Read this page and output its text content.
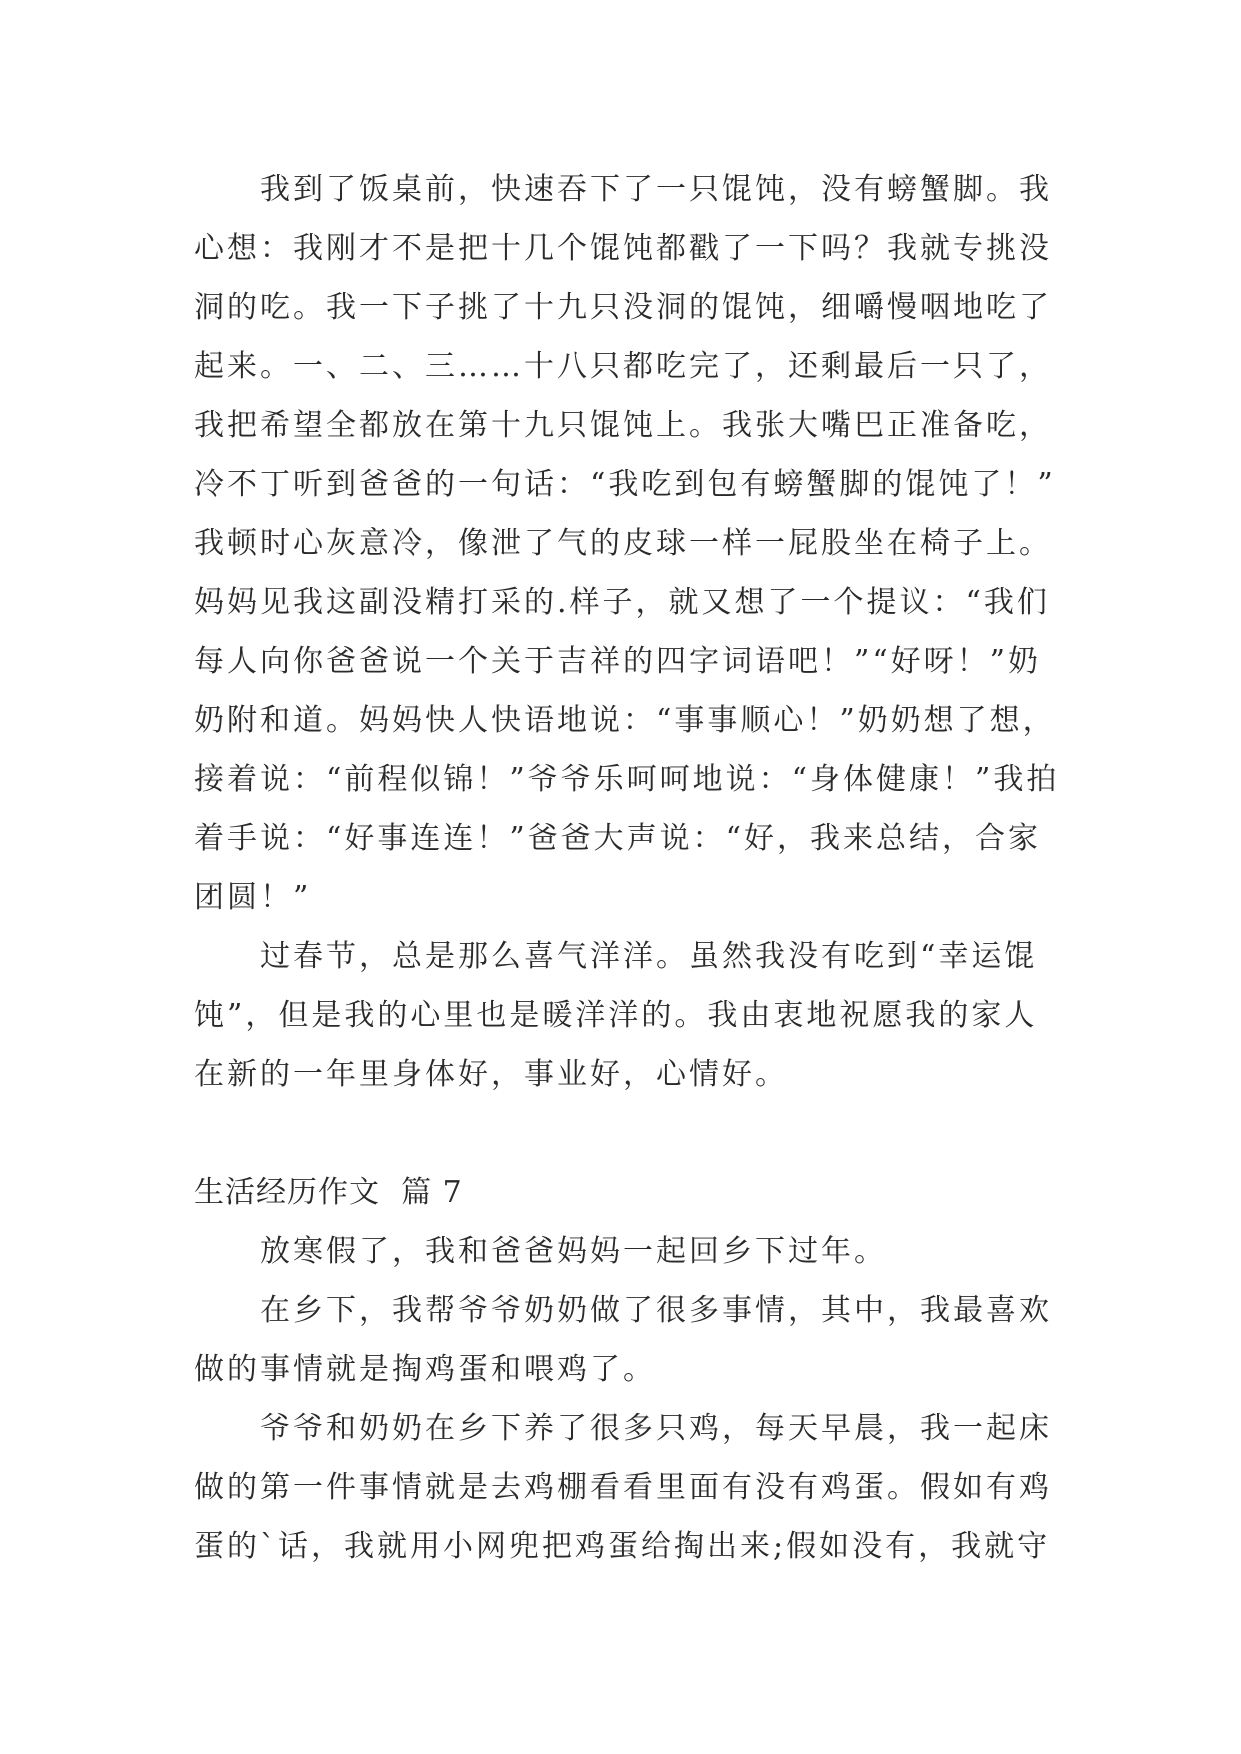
我到了饭桌前，快速吞下了一只馄饨，没有螃蟹脚。我
心想：我刚才不是把十几个馄饨都戳了一下吗？我就专挑没
洞的吃。我一下子挑了十九只没洞的馄饨，细嚼慢咽地吃了
起来。一、二、三……十八只都吃完了，还剩最后一只了，
我把希望全都放在第十九只馄饨上。我张大嘴巴正准备吃，
冷不丁听到爸爸的一句话：“我吃到包有螃蟹脚的馄饨了！”
我顿时心灰意冷，像泄了气的皮球一样一屁股坐在椅子上。
妈妈见我这副没精打采的.样子，就又想了一个提议：“我们
每人向你爸爸说一个关于吉祥的四字词语吧！”“好呀！”奶
奶附和道。妈妈快人快语地说：“事事顺心！”奶奶想了想，
接着说：“前程似锦！”爷爷乐呵呵地说：“身体健康！”我拍
着手说：“好事连连！”爸爸大声说：“好，我来总结，合家
团圆！”
过春节，总是那么喜气洋洋。虽然我没有吃到“幸运馄
饨”，但是我的心里也是暖洋洋的。我由衷地祝愿我的家人
在新的一年里身体好，事业好，心情好。
生活经历作文  篇 7
放寒假了，我和爸爸妈妈一起回乡下过年。
在乡下，我帮爷爷奶奶做了很多事情，其中，我最喜欢
做的事情就是掏鸡蛋和喂鸡了。
爷爷和奶奶在乡下养了很多只鸡，每天早晨，我一起床
做的第一件事情就是去鸡棚看看里面有没有鸡蛋。假如有鸡
蛋的`话，我就用小网兜把鸡蛋给掏出来;假如没有，我就守
